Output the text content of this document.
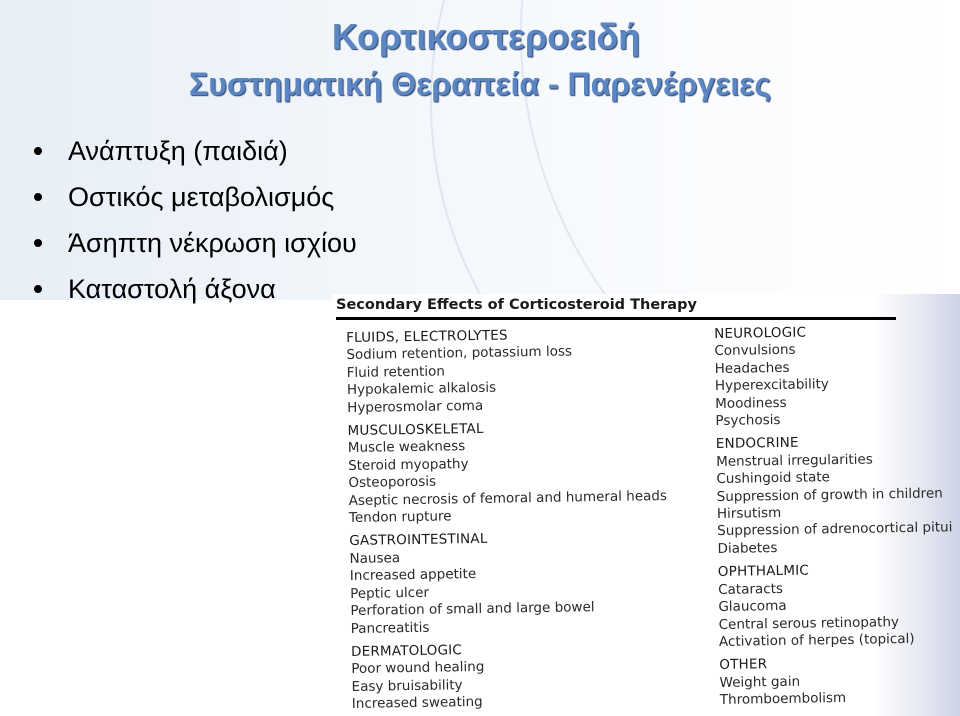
Κορτικοστεροειδή
Συστηματική Θεραπεία - Παρενέργειες
Ανάπτυξη (παιδιά)
Οστικός μεταβολισμός
Άσηπτη νέκρωση ισχίου
Καταστολή άξονα
Secondary Effects of Corticosteroid Therapy
FLUIDS, ELECTROLYTES
Sodium retention, potassium loss
Fluid retention
Hypokalemic alkalosis
Hyperosmolar coma
MUSCULOSKELETAL
Muscle weakness
Steroid myopathy
Osteoporosis
Aseptic necrosis of femoral and humeral heads
Tendon rupture
GASTROINTESTINAL
Nausea
Increased appetite
Peptic ulcer
Perforation of small and large bowel
Pancreatitis
DERMATOLOGIC
Poor wound healing
Easy bruisability
Increased sweating
NEUROLOGIC
Convulsions
Headaches
Hyperexcitability
Moodiness
Psychosis
ENDOCRINE
Menstrual irregularities
Cushingoid state
Suppression of growth in children
Hirsutism
Suppression of adrenocortical pitui
Diabetes
OPHTHALMIC
Cataracts
Glaucoma
Central serous retinopathy
Activation of herpes (topical)
OTHER
Weight gain
Thromboembolism
